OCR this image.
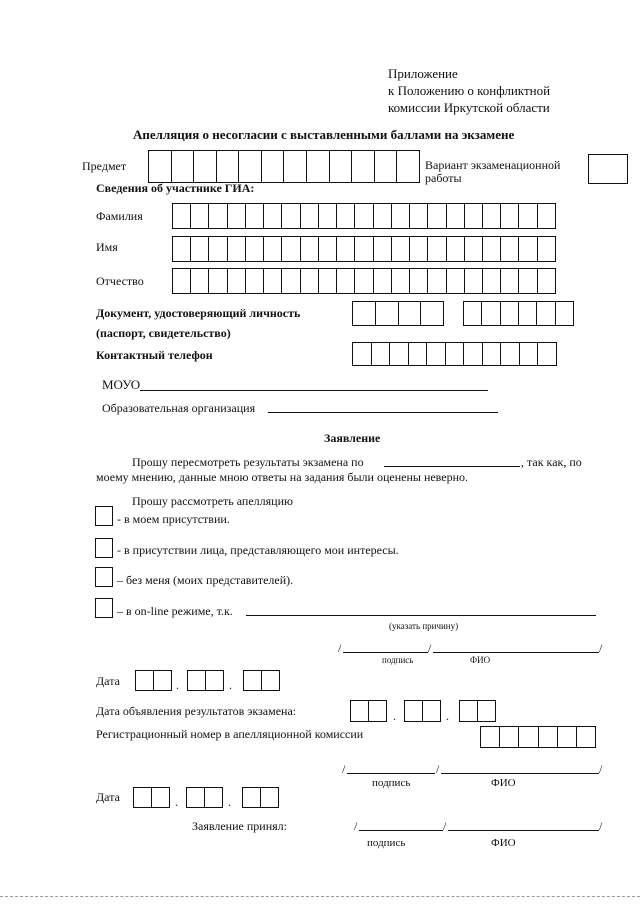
Приложение
к Положению о конфликтной
комиссии Иркутской области
Апелляция о несогласии с выставленными баллами на экзамене
Предмет	Вариант экзаменационной
работы
Сведения об участнике ГИА:
Фамилия
Имя
Отчество
Документ, удостоверяющий личность
(паспорт, свидетельство)
Контактный телефон
МОУО
Образовательная организация
Заявление
Прошу пересмотреть результаты экзамена по	, так как, по
моему мнению, данные мною ответы на задания были оценены неверно.
Прошу рассмотреть апелляцию
- в моем присутствии.
- в присутствии лица, представляющего мои интересы.
– без меня (моих представителей).
– в on-line режиме, т.к.
(указать причину)
/	/	/
подпись	ФИО
Дата	.	.
Дата объявления результатов экзамена:	.	.
Регистрационный номер в апелляционной комиссии
/	/	/
подпись	ФИО
Дата	.	.
Заявление принял:	/	/	/
подпись	ФИО
